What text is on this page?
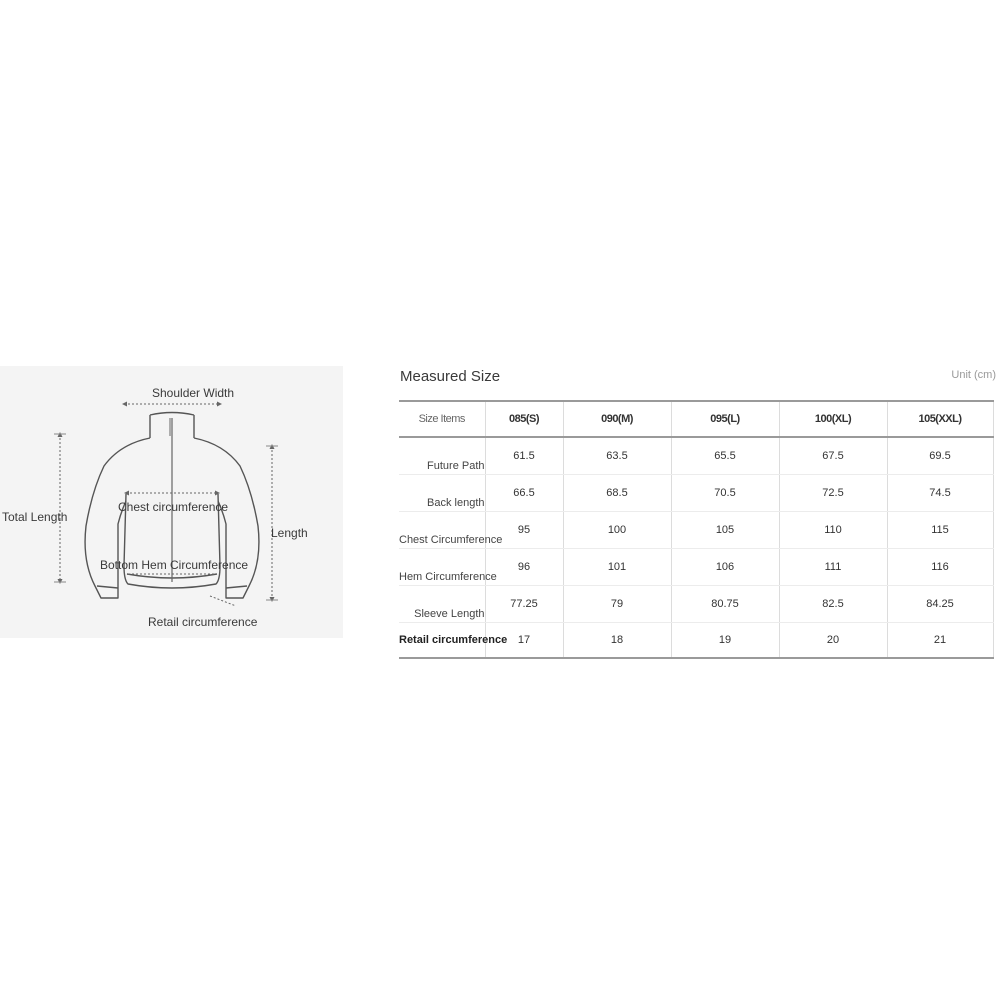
Shoulder Width
Total Length
Chest circumference
Length
Bottom Hem Circumference
Retail circumference
Measured Size	Unit (cm)
Size Items	085(S)	090(M)	095(L)	100(XL)	105(XXL)
Future Path	61.5	63.5	65.5	67.5	69.5
Back length	66.5	68.5	70.5	72.5	74.5
Chest Circumference	95	100	105	110	115
Hem Circumference	96	101	106	111	116
Sleeve Length	77.25	79	80.75	82.5	84.25
Retail circumference	17	18	19	20	21
